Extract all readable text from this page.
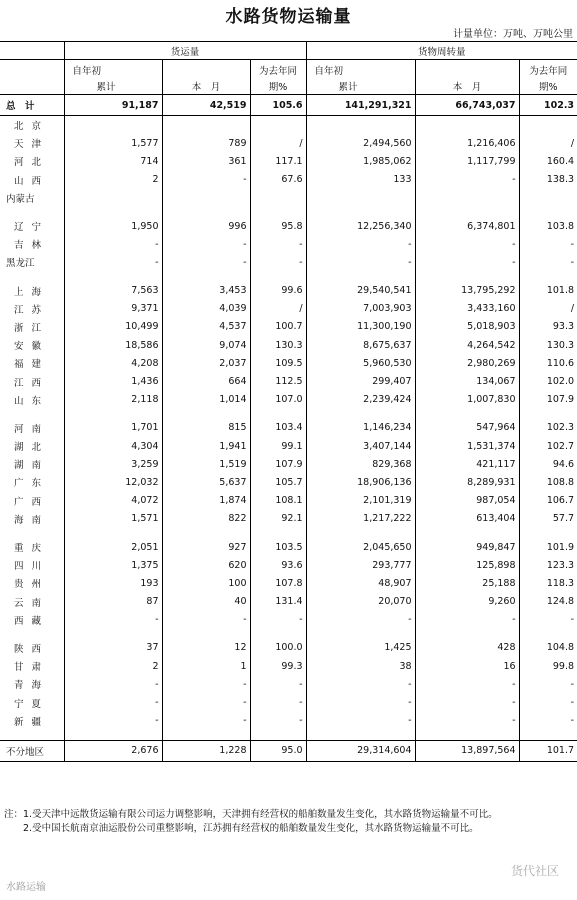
水路货物运输量
计量单位：万吨、万吨公里
	货运量			货物周转量		
	自年初		为去年同	自年初		为去年同
	累计	本　月	期%	累计	本　月	期%
总　计	91,187	42,519	105.6	141,291,321	66,743,037	102.3
北京						
天津	1,577	789	/	2,494,560	1,216,406	/
河北	714	361	117.1	1,985,062	1,117,799	160.4
山西	2	-	67.6	133	-	138.3
内蒙古						

辽宁	1,950	996	95.8	12,256,340	6,374,801	103.8
吉林	-	-	-	-	-	-
黑龙江	-	-	-	-	-	-

上海	7,563	3,453	99.6	29,540,541	13,795,292	101.8
江苏	9,371	4,039	/	7,003,903	3,433,160	/
浙江	10,499	4,537	100.7	11,300,190	5,018,903	93.3
安徽	18,586	9,074	130.3	8,675,637	4,264,542	130.3
福建	4,208	2,037	109.5	5,960,530	2,980,269	110.6
江西	1,436	664	112.5	299,407	134,067	102.0
山东	2,118	1,014	107.0	2,239,424	1,007,830	107.9

河南	1,701	815	103.4	1,146,234	547,964	102.3
湖北	4,304	1,941	99.1	3,407,144	1,531,374	102.7
湖南	3,259	1,519	107.9	829,368	421,117	94.6
广东	12,032	5,637	105.7	18,906,136	8,289,931	108.8
广西	4,072	1,874	108.1	2,101,319	987,054	106.7
海南	1,571	822	92.1	1,217,222	613,404	57.7

重庆	2,051	927	103.5	2,045,650	949,847	101.9
四川	1,375	620	93.6	293,777	125,898	123.3
贵州	193	100	107.8	48,907	25,188	118.3
云南	87	40	131.4	20,070	9,260	124.8
西藏	-	-	-	-	-	-

陕西	37	12	100.0	1,425	428	104.8
甘肃	2	1	99.3	38	16	99.8
青海	-	-	-	-	-	-
宁夏	-	-	-	-	-	-
新疆	-	-	-	-	-	-

不分地区	2,676	1,228	95.0	29,314,604	13,897,564	101.7

注：1.受天津中远散货运输有限公司运力调整影响，天津拥有经营权的船舶数量发生变化，其水路货物运输量不可比。

　　2.受中国长航南京油运股份公司重整影响，江苏拥有经营权的船舶数量发生变化，其水路货物运输量不可比。

水路运输
货代社区
